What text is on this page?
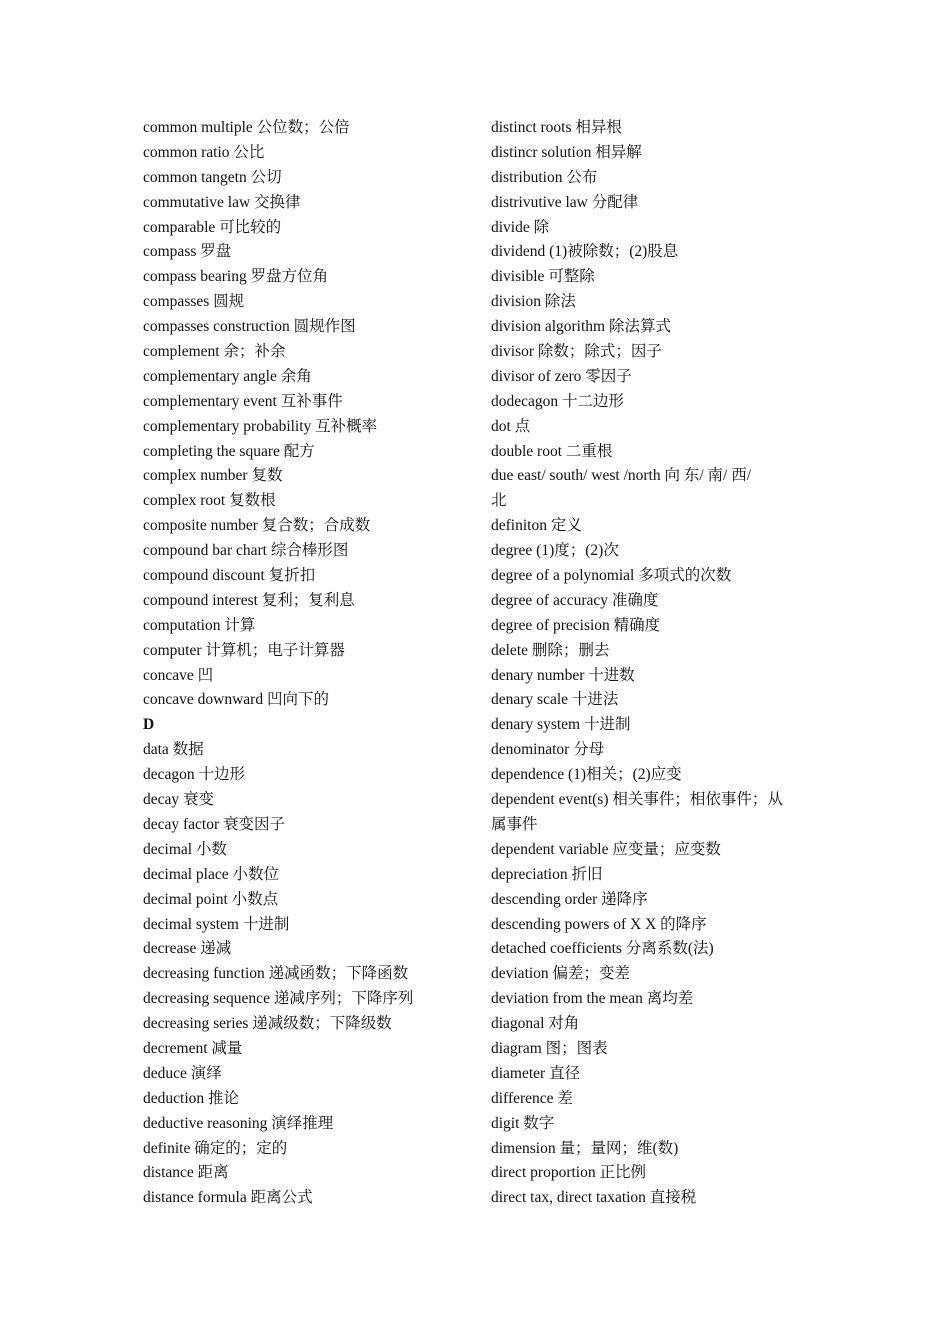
common multiple 公位数；公倍
common ratio 公比
common tangetn 公切
commutative law 交换律
comparable 可比较的
compass 罗盘
compass bearing 罗盘方位角
compasses 圆规
compasses construction 圆规作图
complement 余；补余
complementary angle 余角
complementary event 互补事件
complementary probability 互补概率
completing the square 配方
complex number 复数
complex root 复数根
composite number 复合数；合成数
compound bar chart 综合棒形图
compound discount 复折扣
compound interest 复利；复利息
computation 计算
computer 计算机；电子计算器
concave 凹
concave downward 凹向下的
D
data 数据
decagon 十边形
decay 衰变
decay factor 衰变因子
decimal 小数
decimal place 小数位
decimal point 小数点
decimal system 十进制
decrease 递减
decreasing function 递减函数；下降函数
decreasing sequence 递减序列；下降序列
decreasing series 递减级数；下降级数
decrement 减量
deduce 演绎
deduction 推论
deductive reasoning 演绎推理
definite 确定的；定的
distance 距离
distance formula 距离公式
distinct roots 相异根
distincr solution 相异解
distribution 公布
distrivutive law 分配律
divide 除
dividend (1)被除数；(2)股息
divisible 可整除
division 除法
division algorithm 除法算式
divisor 除数；除式；因子
divisor of zero 零因子
dodecagon 十二边形
dot 点
double root 二重根
due east/ south/ west /north 向 东/ 南/ 西/
北
definiton 定义
degree (1)度；(2)次
degree of a polynomial 多项式的次数
degree of accuracy 准确度
degree of precision 精确度
delete 删除；删去
denary number 十进数
denary scale 十进法
denary system 十进制
denominator 分母
dependence (1)相关；(2)应变
dependent event(s) 相关事件；相依事件；从
属事件
dependent variable 应变量；应变数
depreciation 折旧
descending order 递降序
descending powers of X X 的降序
detached coefficients 分离系数(法)
deviation 偏差；变差
deviation from the mean 离均差
diagonal 对角
diagram 图；图表
diameter 直径
difference 差
digit 数字
dimension 量；量网；维(数)
direct proportion 正比例
direct tax, direct taxation 直接税
